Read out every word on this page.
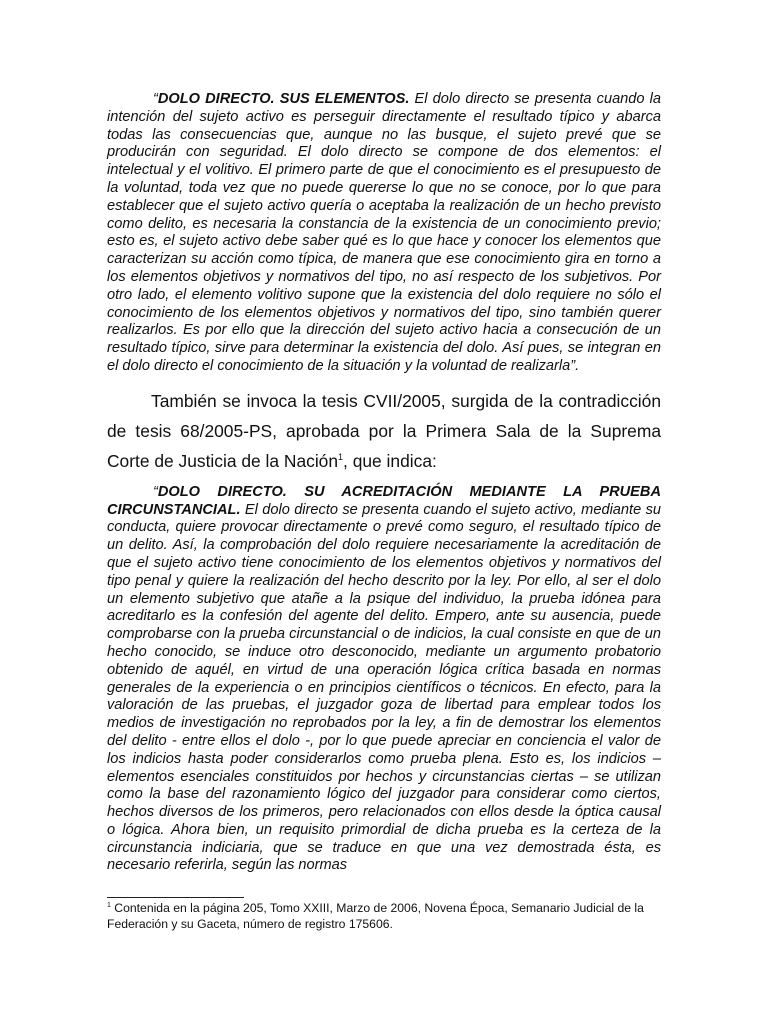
“DOLO DIRECTO. SUS ELEMENTOS. El dolo directo se presenta cuando la intención del sujeto activo es perseguir directamente el resultado típico y abarca todas las consecuencias que, aunque no las busque, el sujeto prevé que se producirán con seguridad. El dolo directo se compone de dos elementos: el intelectual y el volitivo. El primero parte de que el conocimiento es el presupuesto de la voluntad, toda vez que no puede quererse lo que no se conoce, por lo que para establecer que el sujeto activo quería o aceptaba la realización de un hecho previsto como delito, es necesaria la constancia de la existencia de un conocimiento previo; esto es, el sujeto activo debe saber qué es lo que hace y conocer los elementos que caracterizan su acción como típica, de manera que ese conocimiento gira en torno a los elementos objetivos y normativos del tipo, no así respecto de los subjetivos. Por otro lado, el elemento volitivo supone que la existencia del dolo requiere no sólo el conocimiento de los elementos objetivos y normativos del tipo, sino también querer realizarlos. Es por ello que la dirección del sujeto activo hacia a consecución de un resultado típico, sirve para determinar la existencia del dolo. Así pues, se integran en el dolo directo el conocimiento de la situación y la voluntad de realizarla”.

También se invoca la tesis CVII/2005, surgida de la contradicción de tesis 68/2005-PS, aprobada por la Primera Sala de la Suprema Corte de Justicia de la Nación$^1$, que indica:

“DOLO DIRECTO. SU ACREDITACIÓN MEDIANTE LA PRUEBA CIRCUNSTANCIAL. El dolo directo se presenta cuando el sujeto activo, mediante su conducta, quiere provocar directamente o prevé como seguro, el resultado típico de un delito. Así, la comprobación del dolo requiere necesariamente la acreditación de que el sujeto activo tiene conocimiento de los elementos objetivos y normativos del tipo penal y quiere la realización del hecho descrito por la ley. Por ello, al ser el dolo un elemento subjetivo que atañe a la psique del individuo, la prueba idónea para acreditarlo es la confesión del agente del delito. Empero, ante su ausencia, puede comprobarse con la prueba circunstancial o de indicios, la cual consiste en que de un hecho conocido, se induce otro desconocido, mediante un argumento probatorio obtenido de aquél, en virtud de una operación lógica crítica basada en normas generales de la experiencia o en principios científicos o técnicos. En efecto, para la valoración de las pruebas, el juzgador goza de libertad para emplear todos los medios de investigación no reprobados por la ley, a fin de demostrar los elementos del delito - entre ellos el dolo -, por lo que puede apreciar en conciencia el valor de los indicios hasta poder considerarlos como prueba plena. Esto es, los indicios – elementos esenciales constituidos por hechos y circunstancias ciertas – se utilizan como la base del razonamiento lógico del juzgador para considerar como ciertos, hechos diversos de los primeros, pero relacionados con ellos desde la óptica causal o lógica. Ahora bien, un requisito primordial de dicha prueba es la certeza de la circunstancia indiciaria, que se traduce en que una vez demostrada ésta, es necesario referirla, según las normas

$^1$ Contenida en la página 205, Tomo XXIII, Marzo de 2006, Novena Época, Semanario Judicial de la Federación y su Gaceta, número de registro 175606.
